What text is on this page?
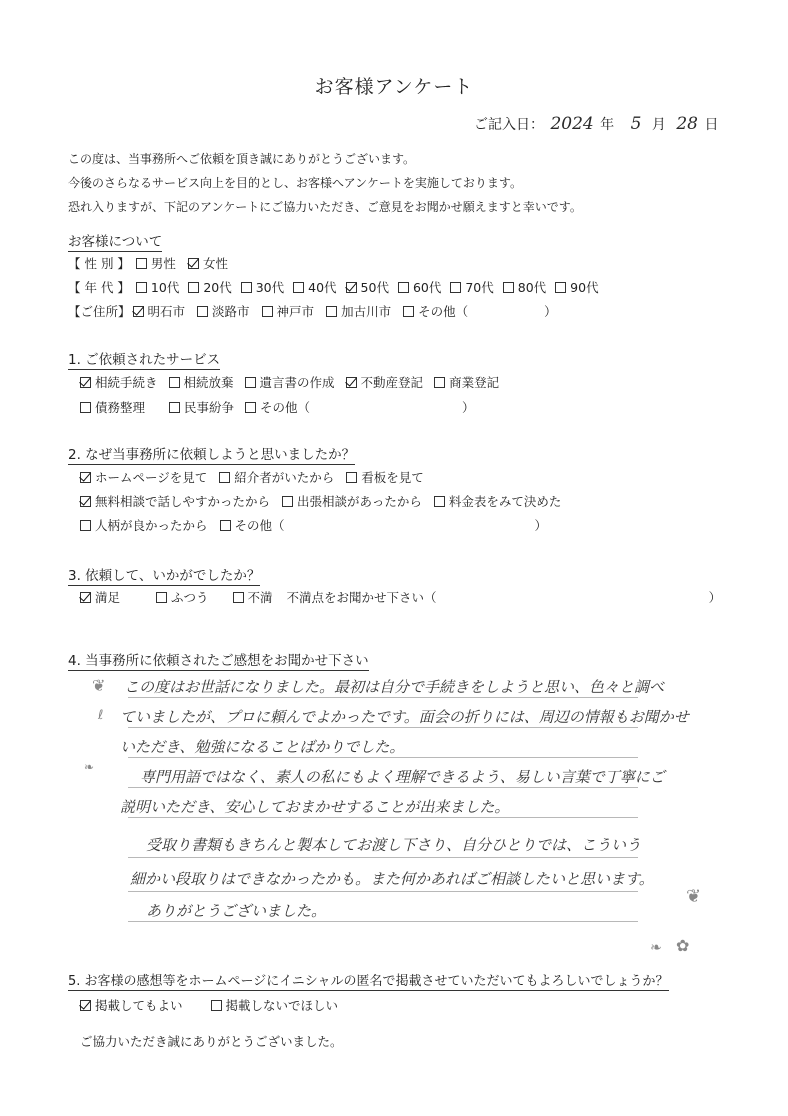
お客様アンケート
ご記入日： 2024 年 5 月 28 日
この度は、当事務所へご依頼を頂き誠にありがとうございます。
今後のさらなるサービス向上を目的とし、お客様へアンケートを実施しております。
恐れ入りますが、下記のアンケートにご協力いただき、ご意見をお聞かせ願えますと幸いです。
お客様について
【 性 別 】 男性 女性
【 年 代 】 10代 20代 30代 40代 50代 60代 70代 80代 90代
【ご住所】 明石市 淡路市 神戸市 加古川市 その他（	）
1. ご依頼されたサービス
相続手続き 相続放棄 遺言書の作成 不動産登記 商業登記
債務整理	民事紛争 その他（	）
2. なぜ当事務所に依頼しようと思いましたか？
ホームページを見て 紹介者がいたから 看板を見て
無料相談で話しやすかったから 出張相談があったから 料金表をみて決めた
人柄が良かったから その他（	）
3. 依頼して、いかがでしたか？
満足	ふつう	不満 不満点をお聞かせ下さい（	）
4. 当事務所に依頼されたご感想をお聞かせ下さい
❦
ℓ
❧
❦
❧ ✿
この度はお世話になりました。最初は自分で手続きをしようと思い、色々と調べ
ていましたが、プロに頼んでよかったです。面会の折りには、周辺の情報もお聞かせ
いただき、勉強になることばかりでした。
専門用語ではなく、素人の私にもよく理解できるよう、易しい言葉で丁寧にご
説明いただき、安心しておまかせすることが出来ました。
受取り書類もきちんと製本してお渡し下さり、自分ひとりでは、こういう
細かい段取りはできなかったかも。また何かあればご相談したいと思います。
ありがとうございました。
5. お客様の感想等をホームページにイニシャルの匿名で掲載させていただいてもよろしいでしょうか？
掲載してもよい	掲載しないでほしい
ご協力いただき誠にありがとうございました。
